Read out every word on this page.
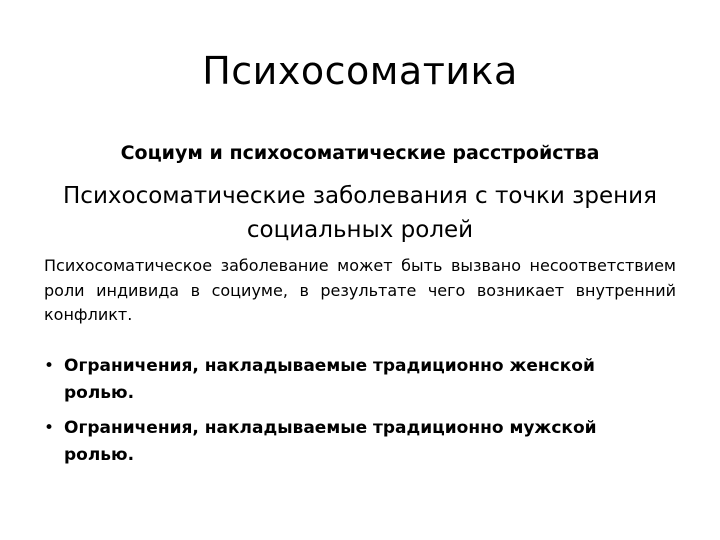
Психосоматика
Социум и психосоматические расстройства
Психосоматические заболевания с точки зрения социальных ролей
Психосоматическое заболевание может быть вызвано несоответствием роли индивида в социуме, в результате чего возникает внутренний конфликт.
• Ограничения, накладываемые традиционно женской ролью.
• Ограничения, накладываемые традиционно мужской ролью.
